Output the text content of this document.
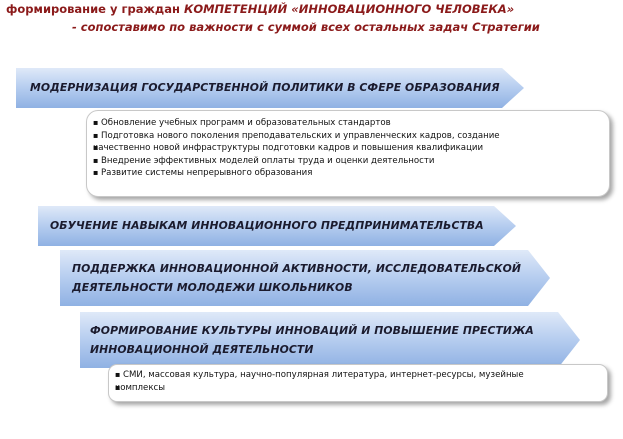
формирование у граждан КОМПЕТЕНЦИЙ «ИННОВАЦИОННОГО ЧЕЛОВЕКА»
- сопоставимо по важности с суммой всех остальных задач Стратегии
МОДЕРНИЗАЦИЯ ГОСУДАРСТВЕННОЙ ПОЛИТИКИ В СФЕРЕ ОБРАЗОВАНИЯ
▪ Обновление учебных программ и образовательных стандартов
▪ Подготовка нового поколения преподавательских и управленческих кадров, создание
▪ качественно новой инфраструктуры подготовки кадров и повышения квалификации
▪ Внедрение эффективных моделей оплаты труда и оценки деятельности
▪ Развитие системы непрерывного образования
ОБУЧЕНИЕ НАВЫКАМ ИННОВАЦИОННОГО ПРЕДПРИНИМАТЕЛЬСТВА
ПОДДЕРЖКА ИННОВАЦИОННОЙ АКТИВНОСТИ, ИССЛЕДОВАТЕЛЬСКОЙ
ДЕЯТЕЛЬНОСТИ МОЛОДЕЖИ ШКОЛЬНИКОВ
ФОРМИРОВАНИЕ КУЛЬТУРЫ ИННОВАЦИЙ И ПОВЫШЕНИЕ ПРЕСТИЖА
ИННОВАЦИОННОЙ ДЕЯТЕЛЬНОСТИ
▪ СМИ, массовая культура, научно-популярная литература, интернет-ресурсы, музейные
▪ комплексы
